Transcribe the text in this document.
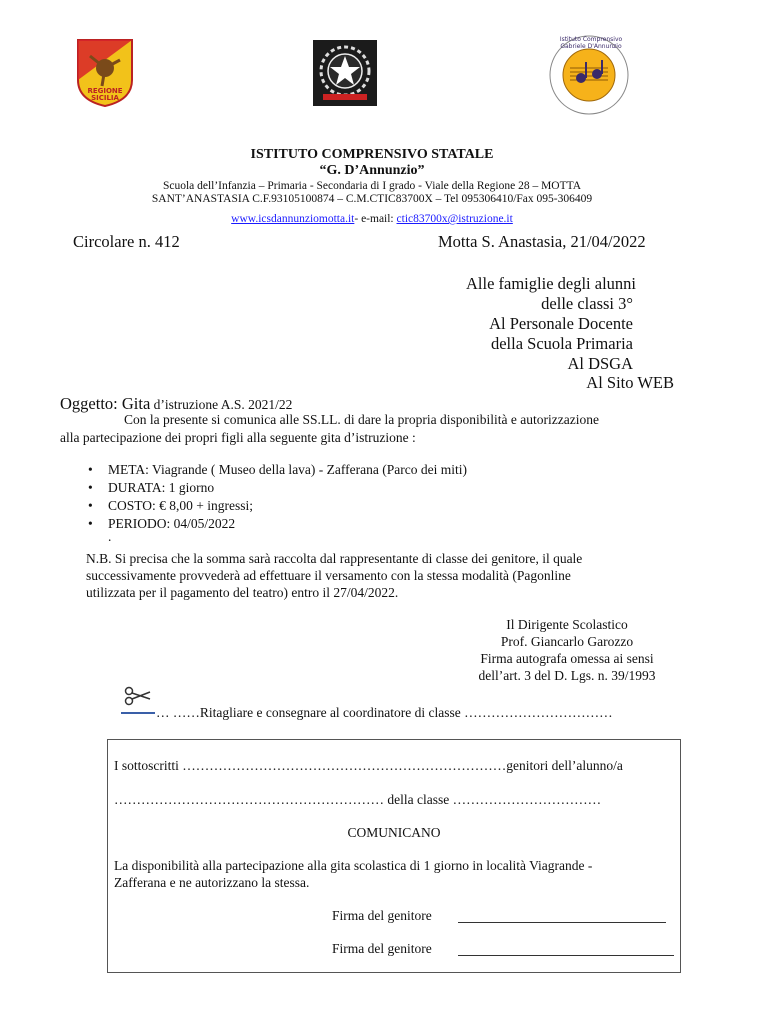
REGIONE
SICILIA
Istituto Comprensivo Gabriele D'Annunzio
ISTITUTO COMPRENSIVO STATALE
“G. D’Annunzio”
Scuola dell’Infanzia – Primaria - Secondaria di I grado - Viale della Regione 28 – MOTTA
SANT’ANASTASIA C.F.93105100874 – C.M.CTIC83700X – Tel 095306410/Fax 095-306409
www.icsdannunziomotta.it- e-mail: ctic83700x@istruzione.it
Circolare n. 412	Motta S. Anastasia, 21/04/2022
Alle famiglie degli alunni
delle classi 3°
Al Personale Docente
della Scuola Primaria
Al DSGA
Al Sito WEB
Oggetto: Gita d’istruzione A.S. 2021/22
Con la presente si comunica alle SS.LL. di dare la propria disponibilità e autorizzazione
alla partecipazione dei propri figli alla seguente gita d’istruzione :
• META: Viagrande ( Museo della lava) - Zafferana (Parco dei miti)
• DURATA: 1 giorno
• COSTO: € 8,00 + ingressi;
• PERIODO: 04/05/2022
.
N.B. Si precisa che la somma sarà raccolta dal rappresentante di classe dei genitore, il quale
successivamente provvederà ad effettuare il versamento con la stessa modalità (Pagonline
utilizzata per il pagamento del teatro) entro il 27/04/2022.
Il Dirigente Scolastico
Prof. Giancarlo Garozzo
Firma autografa omessa ai sensi
dell’art. 3 del D. Lgs. n. 39/1993
… ……Ritagliare e consegnare al coordinatore di classe ……………………………
I sottoscritti ………………………………………………………………genitori dell’alunno/a
…………………………………………………… della classe ……………………………
COMUNICANO
La disponibilità alla partecipazione alla gita scolastica di 1 giorno in località Viagrande -
Zafferana e ne autorizzano la stessa.
Firma del genitore
Firma del genitore
